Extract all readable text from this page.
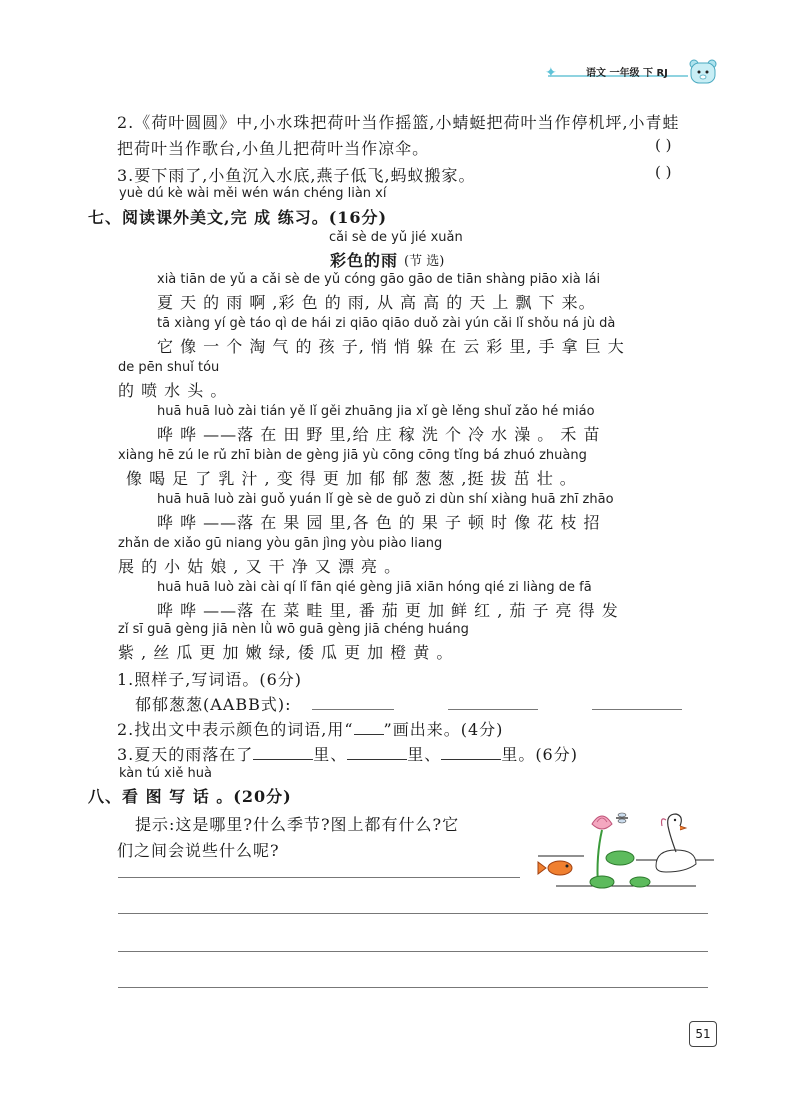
✦	语文 一年级 下 RJ
2.《荷叶圆圆》中,小水珠把荷叶当作摇篮,小蜻蜓把荷叶当作停机坪,小青蛙
把荷叶当作歌台,小鱼儿把荷叶当作凉伞。	( )
3.要下雨了,小鱼沉入水底,燕子低飞,蚂蚁搬家。	( )
yuè dú kè wài měi wén wán chéng liàn xí
七、阅读课外美文,完 成 练习。(16分)
cǎi sè de yǔ jié xuǎn
彩色的雨 (节 选)
xià tiān de yǔ a cǎi sè de yǔ cóng gāo gāo de tiān shàng piāo xià lái
夏 天 的 雨 啊 ,彩 色 的 雨, 从 高 高 的 天 上 飘 下 来。
tā xiàng yí gè táo qì de hái zi qiāo qiāo duǒ zài yún cǎi lǐ shǒu ná jù dà
它 像 一 个 淘 气 的 孩 子, 悄 悄 躲 在 云 彩 里, 手 拿 巨 大
de pēn shuǐ tóu
的 喷 水 头 。
huā huā luò zài tián yě lǐ gěi zhuāng jia xǐ gè lěng shuǐ zǎo hé miáo
哗 哗 ——落 在 田 野 里,给 庄 稼 洗 个 冷 水 澡 。 禾 苗
xiàng hē zú le rǔ zhī biàn de gèng jiā yù cōng cōng tǐng bá zhuó zhuàng
像 喝 足 了 乳 汁 , 变 得 更 加 郁 郁 葱 葱 ,挺 拔 茁 壮 。
huā huā luò zài guǒ yuán lǐ gè sè de guǒ zi dùn shí xiàng huā zhī zhāo
哗 哗 ——落 在 果 园 里,各 色 的 果 子 顿 时 像 花 枝 招
zhǎn de xiǎo gū niang yòu gān jìng yòu piào liang
展 的 小 姑 娘 , 又 干 净 又 漂 亮 。
huā huā luò zài cài qí lǐ fān qié gèng jiā xiān hóng qié zi liàng de fā
哗 哗 ——落 在 菜 畦 里, 番 茄 更 加 鲜 红 , 茄 子 亮 得 发
zǐ sī guā gèng jiā nèn lǜ wō guā gèng jiā chéng huáng
紫 , 丝 瓜 更 加 嫩 绿, 倭 瓜 更 加 橙 黄 。
1.照样子,写词语。(6分)
郁郁葱葱(AABB式):
2.找出文中表示颜色的词语,用“ ”画出来。(4分)
3.夏天的雨落在了	里、	里、	里。(6分)
kàn tú xiě huà
八、看 图 写 话 。(20分)
提示:这是哪里?什么季节?图上都有什么?它
们之间会说些什么呢?
51
